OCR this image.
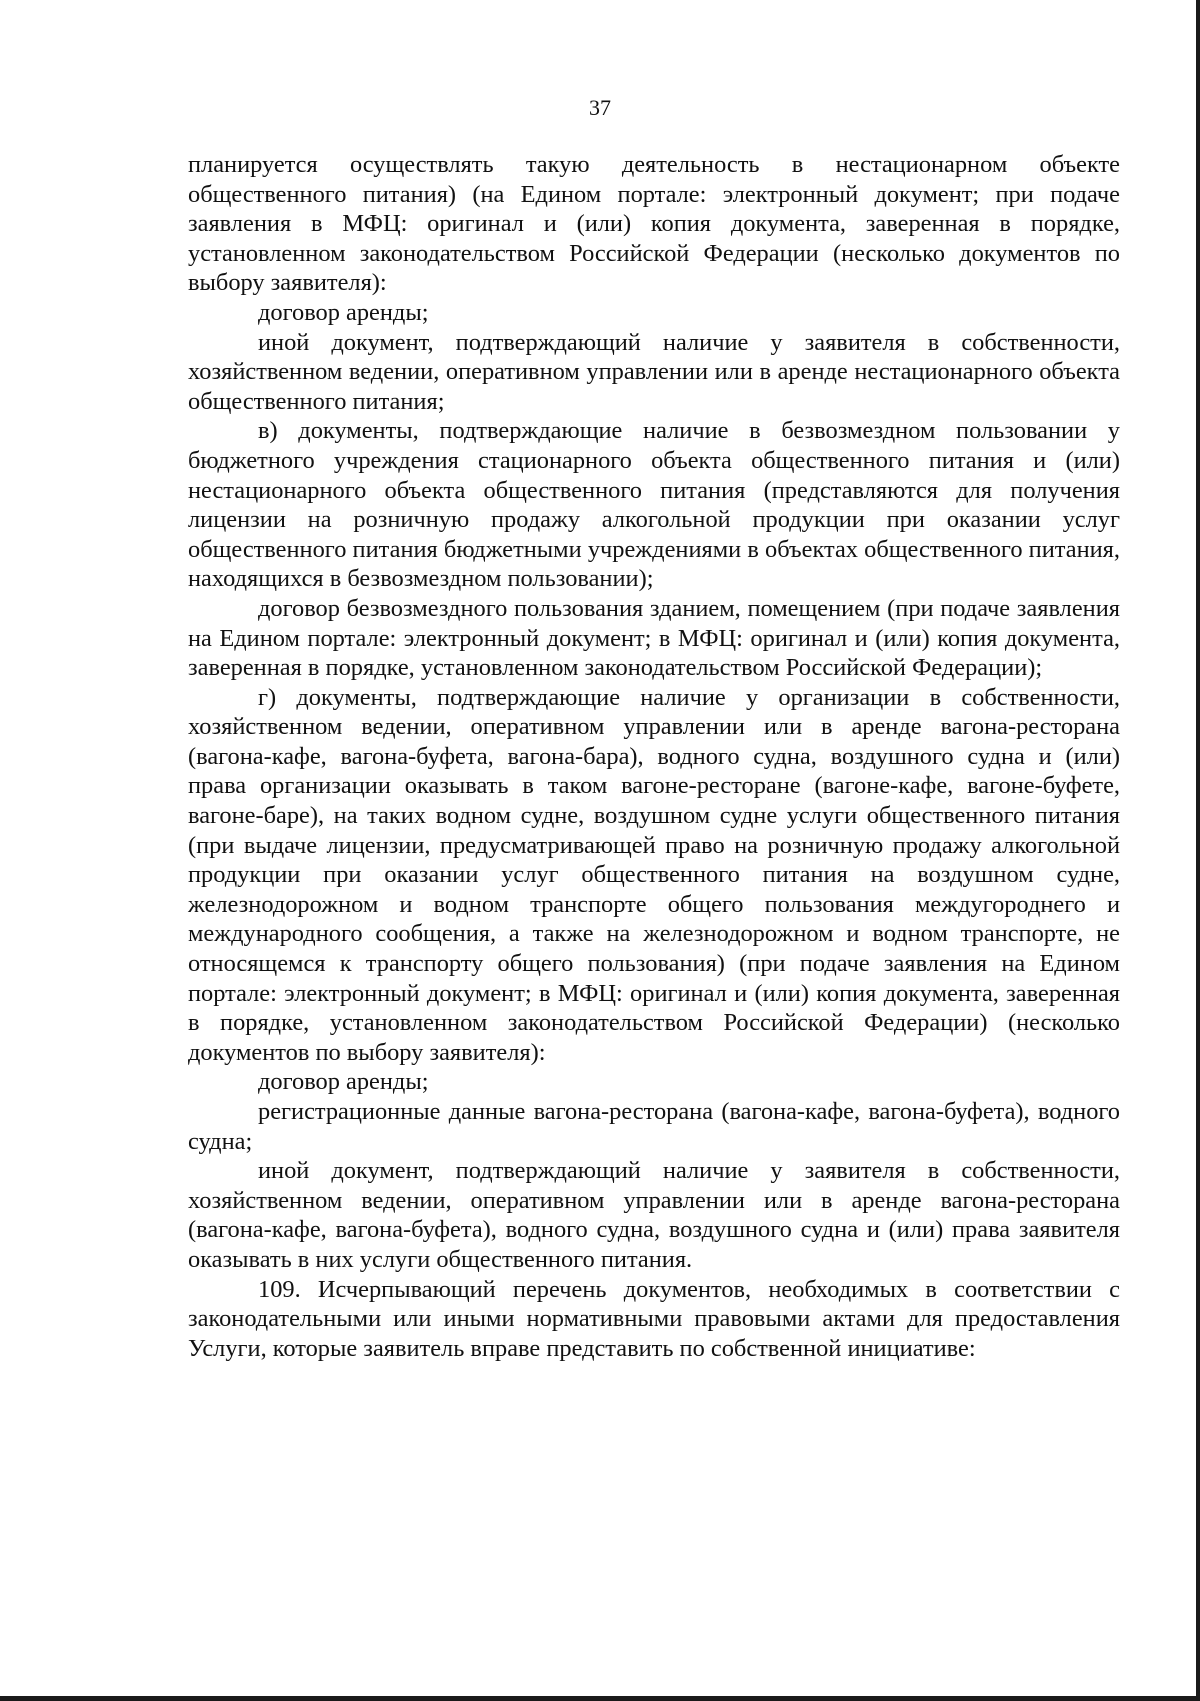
37

планируется осуществлять такую деятельность в нестационарном объекте общественного питания) (на Едином портале: электронный документ; при подаче заявления в МФЦ: оригинал и (или) копия документа, заверенная в порядке, установленном законодательством Российской Федерации (несколько документов по выбору заявителя):

договор аренды;

иной документ, подтверждающий наличие у заявителя в собственности, хозяйственном ведении, оперативном управлении или в аренде нестационарного объекта общественного питания;

в) документы, подтверждающие наличие в безвозмездном пользовании у бюджетного учреждения стационарного объекта общественного питания и (или) нестационарного объекта общественного питания (представляются для получения лицензии на розничную продажу алкогольной продукции при оказании услуг общественного питания бюджетными учреждениями в объектах общественного питания, находящихся в безвозмездном пользовании);

договор безвозмездного пользования зданием, помещением (при подаче заявления на Едином портале: электронный документ; в МФЦ: оригинал и (или) копия документа, заверенная в порядке, установленном законодательством Российской Федерации);

г) документы, подтверждающие наличие у организации в собственности, хозяйственном ведении, оперативном управлении или в аренде вагона-ресторана (вагона-кафе, вагона-буфета, вагона-бара), водного судна, воздушного судна и (или) права организации оказывать в таком вагоне-ресторане (вагоне-кафе, вагоне-буфете, вагоне-баре), на таких водном судне, воздушном судне услуги общественного питания (при выдаче лицензии, предусматривающей право на розничную продажу алкогольной продукции при оказании услуг общественного питания на воздушном судне, железнодорожном и водном транспорте общего пользования междугороднего и международного сообщения, а также на железнодорожном и водном транспорте, не относящемся к транспорту общего пользования) (при подаче заявления на Едином портале: электронный документ; в МФЦ: оригинал и (или) копия документа, заверенная в порядке, установленном законодательством Российской Федерации) (несколько документов по выбору заявителя):

договор аренды;

регистрационные данные вагона-ресторана (вагона-кафе, вагона-буфета), водного судна;

иной документ, подтверждающий наличие у заявителя в собственности, хозяйственном ведении, оперативном управлении или в аренде вагона-ресторана (вагона-кафе, вагона-буфета), водного судна, воздушного судна и (или) права заявителя оказывать в них услуги общественного питания.

109. Исчерпывающий перечень документов, необходимых в соответствии с законодательными или иными нормативными правовыми актами для предоставления Услуги, которые заявитель вправе представить по собственной инициативе:
